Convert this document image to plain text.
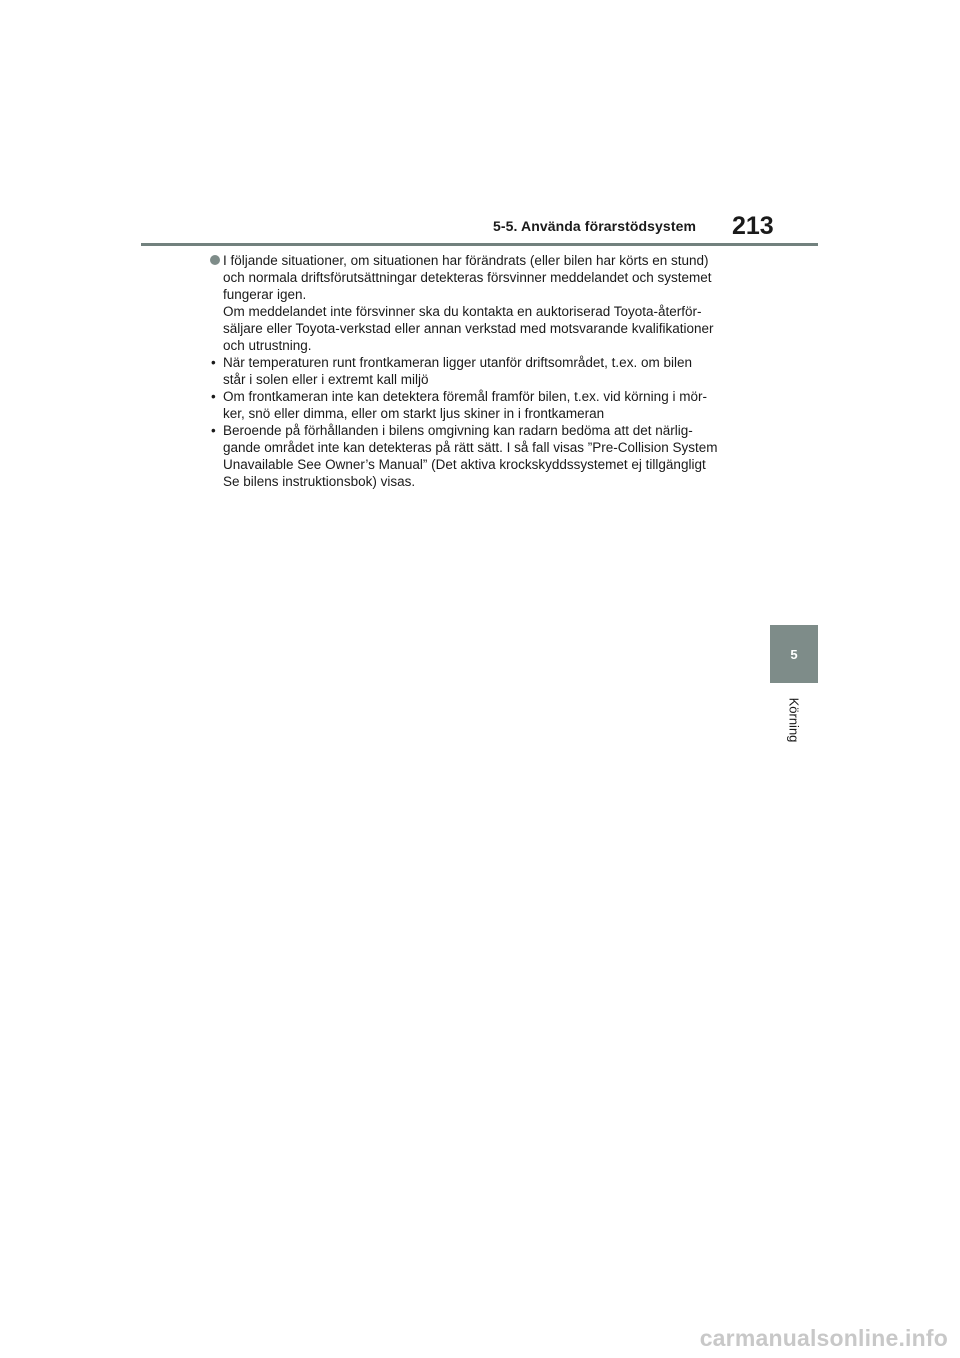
5-5. Använda förarstödsystem 213

I följande situationer, om situationen har förändrats (eller bilen har körts en stund)

och normala driftsförutsättningar detekteras försvinner meddelandet och systemet

fungerar igen.

Om meddelandet inte försvinner ska du kontakta en auktoriserad Toyota-återför-

säljare eller Toyota-verkstad eller annan verkstad med motsvarande kvalifikationer

och utrustning.

• När temperaturen runt frontkameran ligger utanför driftsområdet, t.ex. om bilen
står i solen eller i extremt kall miljö
• Om frontkameran inte kan detektera föremål framför bilen, t.ex. vid körning i mör-
ker, snö eller dimma, eller om starkt ljus skiner in i frontkameran
• Beroende på förhållanden i bilens omgivning kan radarn bedöma att det närlig-
gande området inte kan detekteras på rätt sätt. I så fall visas ”Pre-Collision System
Unavailable See Owner’s Manual” (Det aktiva krockskyddssystemet ej tillgängligt
Se bilens instruktionsbok) visas.
5
Körning
carmanualsonline.info
